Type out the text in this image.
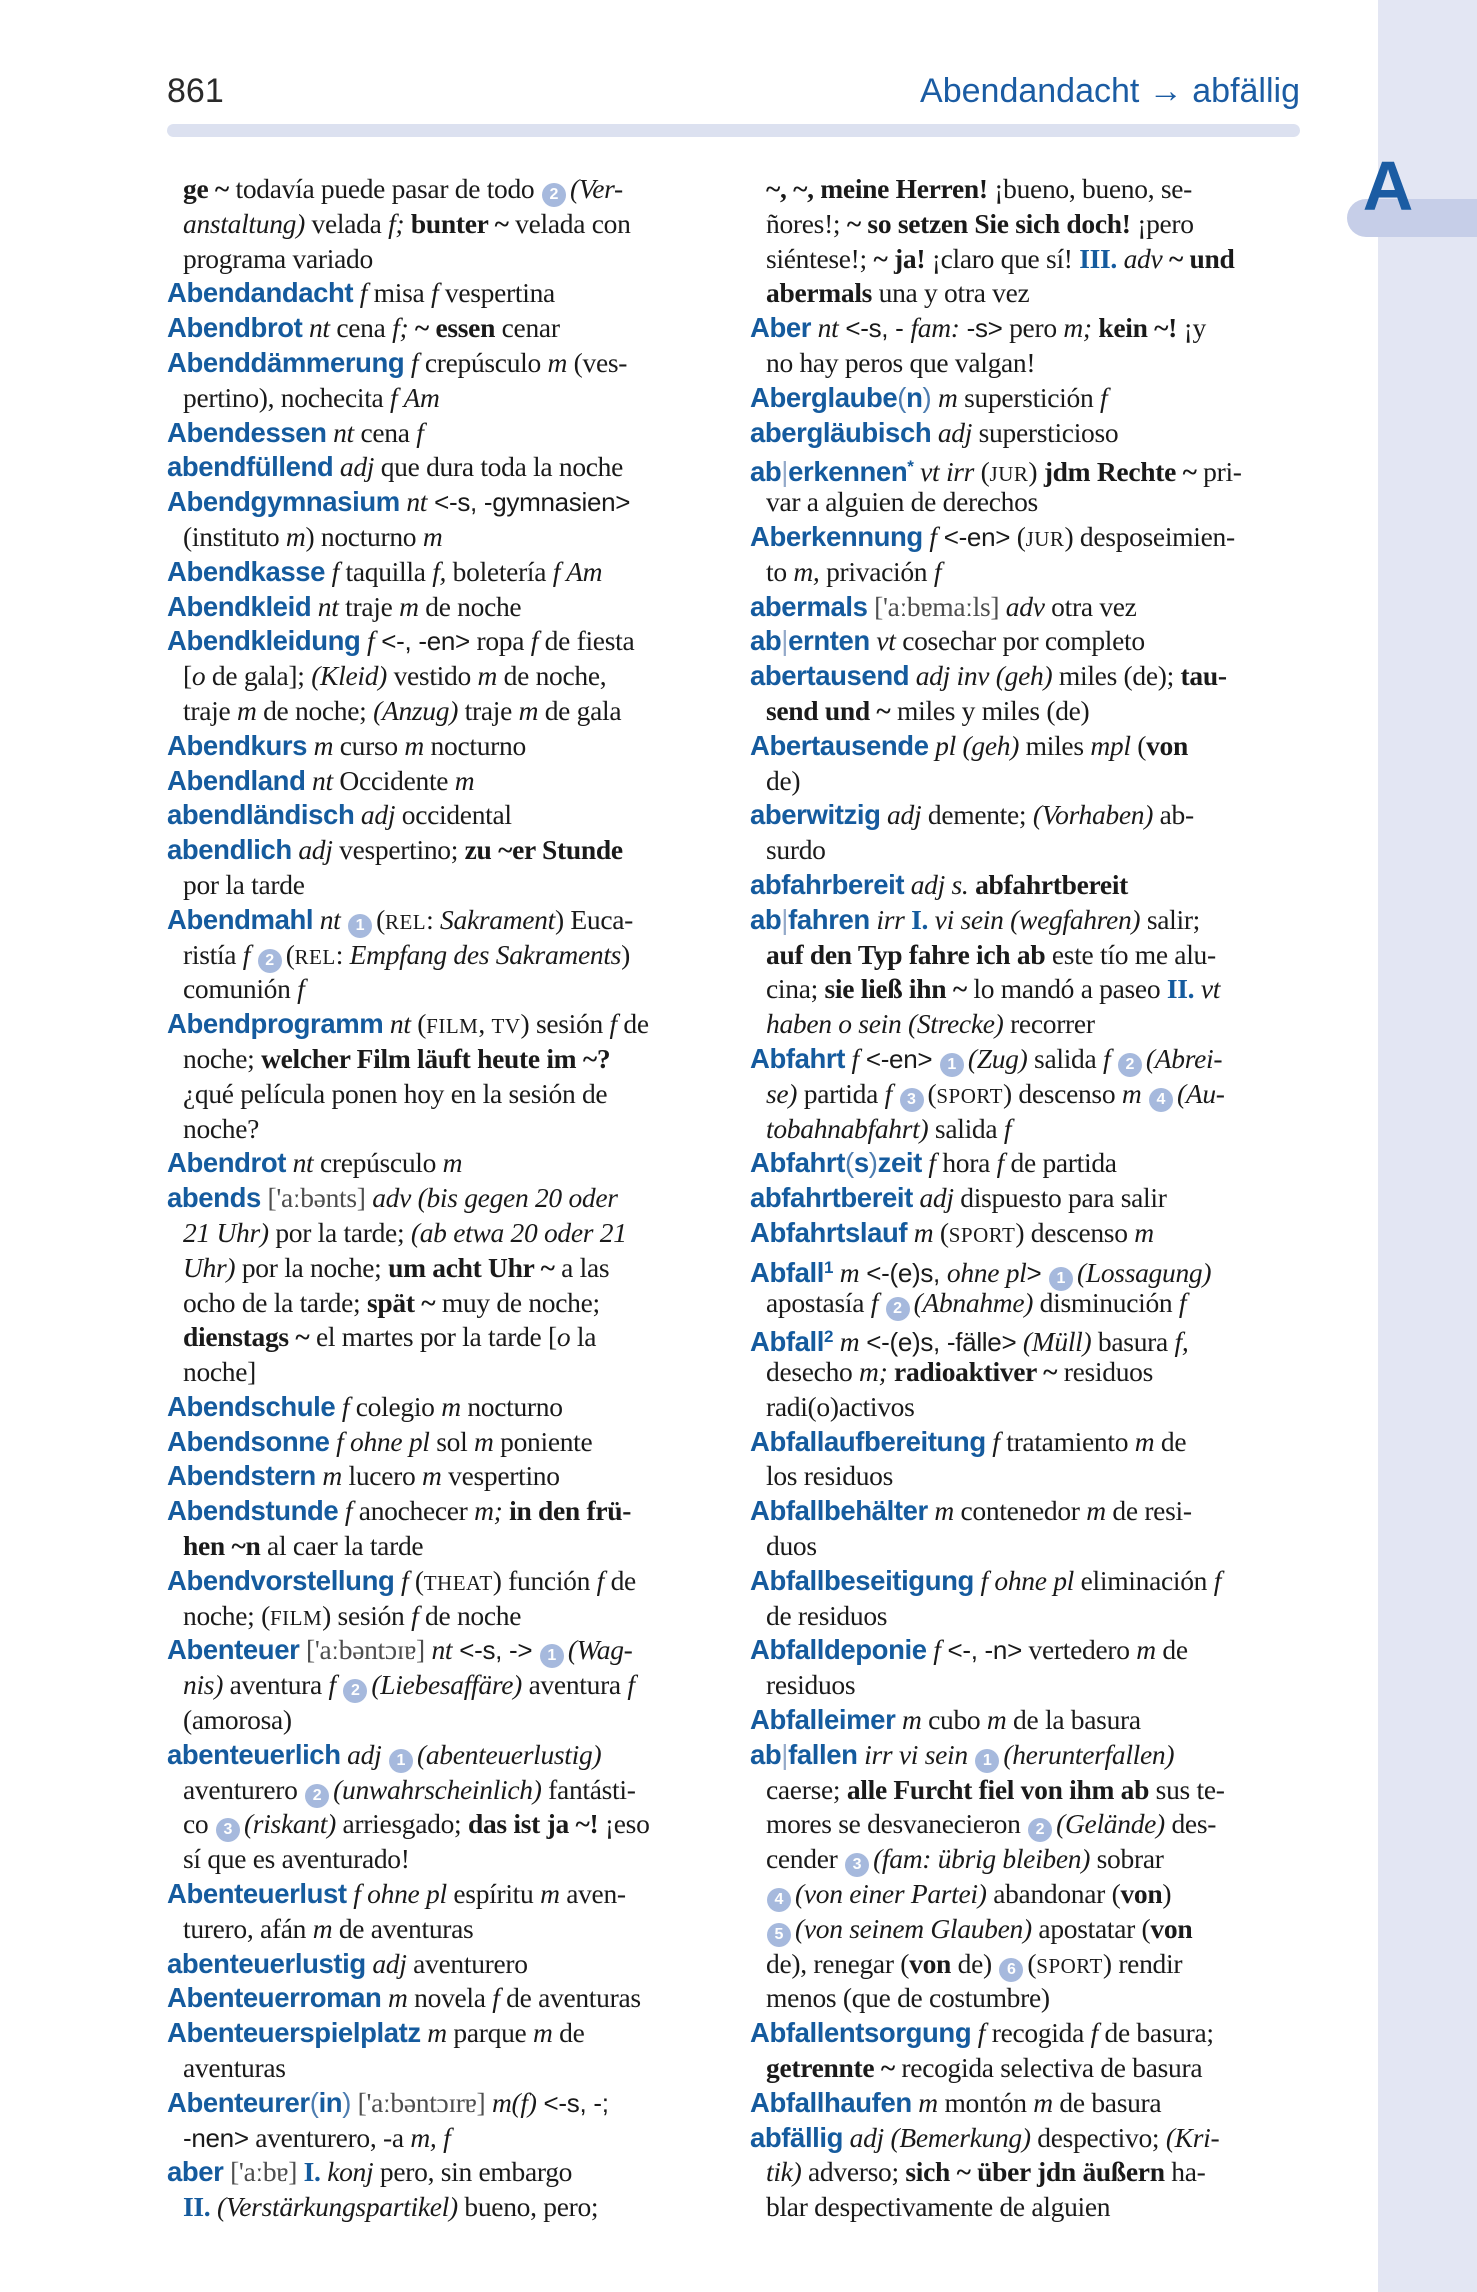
A
861	Abendandacht → abfällig
ge ~ todavía puede pasar de todo 2 (Ver-
anstaltung) velada f; bunter ~ velada con
programa variado
Abendandacht f misa f vespertina
Abendbrot nt cena f; ~ essen cenar
Abenddämmerung f crepúsculo m (ves-
pertino), nochecita f Am
Abendessen nt cena f
abendfüllend adj que dura toda la noche
Abendgymnasium nt <-s, -gymnasien>
(instituto m) nocturno m
Abendkasse f taquilla f, boletería f Am
Abendkleid nt traje m de noche
Abendkleidung f <-, -en> ropa f de fiesta
[o de gala]; (Kleid) vestido m de noche,
traje m de noche; (Anzug) traje m de gala
Abendkurs m curso m nocturno
Abendland nt Occidente m
abendländisch adj occidental
abendlich adj vespertino; zu ~er Stunde
por la tarde
Abendmahl nt 1 (REL: Sakrament) Euca-
ristía f 2 (REL: Empfang des Sakraments)
comunión f
Abendprogramm nt (FILM, TV) sesión f de
noche; welcher Film läuft heute im ~?
¿qué película ponen hoy en la sesión de
noche?
Abendrot nt crepúsculo m
abends ['aːbənts] adv (bis gegen 20 oder
21 Uhr) por la tarde; (ab etwa 20 oder 21
Uhr) por la noche; um acht Uhr ~ a las
ocho de la tarde; spät ~ muy de noche;
dienstags ~ el martes por la tarde [o la
noche]
Abendschule f colegio m nocturno
Abendsonne f ohne pl sol m poniente
Abendstern m lucero m vespertino
Abendstunde f anochecer m; in den frü-
hen ~n al caer la tarde
Abendvorstellung f (THEAT) función f de
noche; (FILM) sesión f de noche
Abenteuer ['aːbəntɔɪɐ] nt <-s, -> 1 (Wag-
nis) aventura f 2 (Liebesaffäre) aventura f
(amorosa)
abenteuerlich adj 1 (abenteuerlustig)
aventurero 2 (unwahrscheinlich) fantásti-
co 3 (riskant) arriesgado; das ist ja ~! ¡eso
sí que es aventurado!
Abenteuerlust f ohne pl espíritu m aven-
turero, afán m de aventuras
abenteuerlustig adj aventurero
Abenteuerroman m novela f de aventuras
Abenteuerspielplatz m parque m de
aventuras
Abenteurer(in) ['aːbəntɔɪrɐ] m(f) <-s, -;
-nen> aventurero, -a m, f
aber ['aːbɐ] I. konj pero, sin embargo
II. (Verstärkungspartikel) bueno, pero;
~, ~, meine Herren! ¡bueno, bueno, se-
ñores!; ~ so setzen Sie sich doch! ¡pero
siéntese!; ~ ja! ¡claro que sí! III. adv ~ und
abermals una y otra vez
Aber nt <-s, - fam: -s> pero m; kein ~! ¡y
no hay peros que valgan!
Aberglaube(n) m superstición f
abergläubisch adj supersticioso
ab|erkennen* vt irr (JUR) jdm Rechte ~ pri-
var a alguien de derechos
Aberkennung f <-en> (JUR) desposeimien-
to m, privación f
abermals ['aːbɐmaːls] adv otra vez
ab|ernten vt cosechar por completo
abertausend adj inv (geh) miles (de); tau-
send und ~ miles y miles (de)
Abertausende pl (geh) miles mpl (von
de)
aberwitzig adj demente; (Vorhaben) ab-
surdo
abfahrbereit adj s. abfahrtbereit
ab|fahren irr I. vi sein (wegfahren) salir;
auf den Typ fahre ich ab este tío me alu-
cina; sie ließ ihn ~ lo mandó a paseo II. vt
haben o sein (Strecke) recorrer
Abfahrt f <-en> 1 (Zug) salida f 2 (Abrei-
se) partida f 3 (SPORT) descenso m 4 (Au-
tobahnabfahrt) salida f
Abfahrt(s)zeit f hora f de partida
abfahrtbereit adj dispuesto para salir
Abfahrtslauf m (SPORT) descenso m
Abfall$^1$ m <-(e)s, ohne pl> 1 (Lossagung)
apostasía f 2 (Abnahme) disminución f
Abfall$^2$ m <-(e)s, -fälle> (Müll) basura f,
desecho m; radioaktiver ~ residuos
radi(o)activos
Abfallaufbereitung f tratamiento m de
los residuos
Abfallbehälter m contenedor m de resi-
duos
Abfallbeseitigung f ohne pl eliminación f
de residuos
Abfalldeponie f <-, -n> vertedero m de
residuos
Abfalleimer m cubo m de la basura
ab|fallen irr vi sein 1 (herunterfallen)
caerse; alle Furcht fiel von ihm ab sus te-
mores se desvanecieron 2 (Gelände) des-
cender 3 (fam: übrig bleiben) sobrar
4 (von einer Partei) abandonar (von)
5 (von seinem Glauben) apostatar (von
de), renegar (von de) 6 (SPORT) rendir
menos (que de costumbre)
Abfallentsorgung f recogida f de basura;
getrennte ~ recogida selectiva de basura
Abfallhaufen m montón m de basura
abfällig adj (Bemerkung) despectivo; (Kri-
tik) adverso; sich ~ über jdn äußern ha-
blar despectivamente de alguien
